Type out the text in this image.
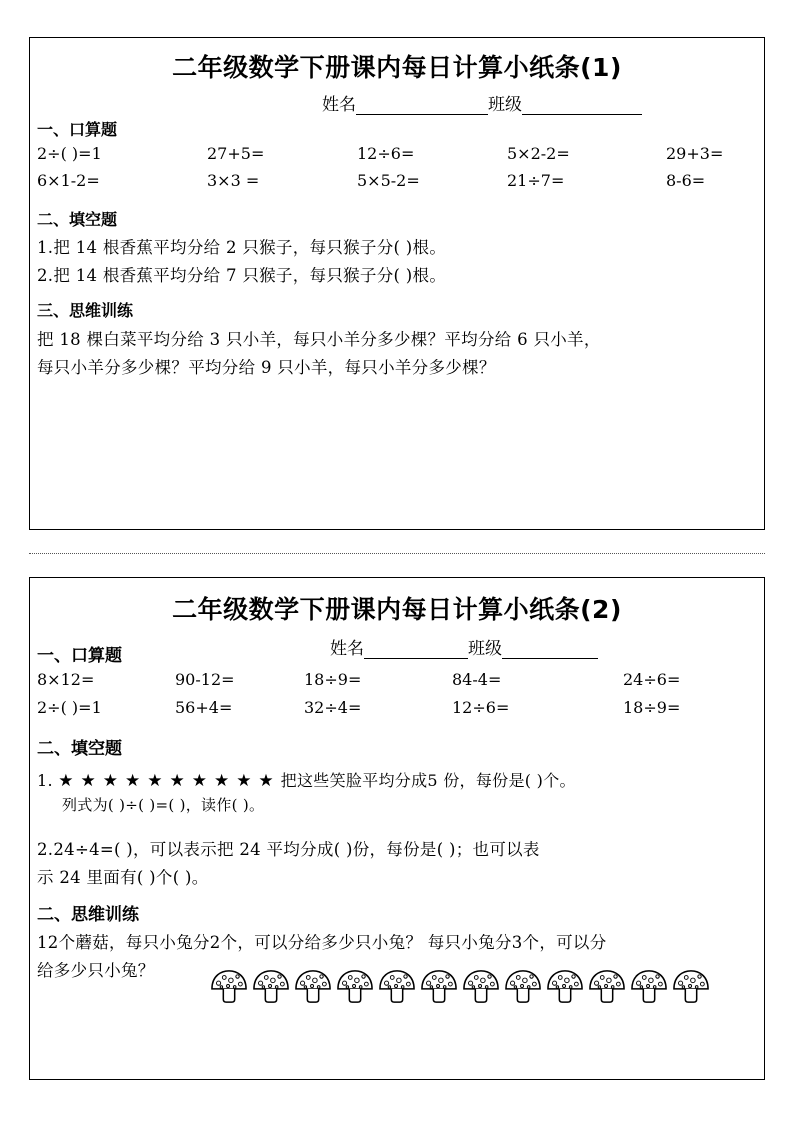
二年级数学下册课内每日计算小纸条(1)
姓名	班级
一、口算题
2÷( )=1	27+5=	12÷6=	5×2-2=	29+3=
6×1-2=	3×3 =	5×5-2=	21÷7=	8-6=
二、填空题
1.把 14 根香蕉平均分给 2 只猴子，每只猴子分( )根。
2.把 14 根香蕉平均分给 7 只猴子，每只猴子分( )根。
三、思维训练
把 18 棵白菜平均分给 3 只小羊，每只小羊分多少棵？平均分给 6 只小羊，
每只小羊分多少棵？平均分给 9 只小羊，每只小羊分多少棵？
二年级数学下册课内每日计算小纸条(2)
姓名	班级
一、口算题
8×12=	90-12=	18÷9=	84-4=	24÷6=
2÷( )=1	56+4=	32÷4=	12÷6=	18÷9=
二、填空题
1. ★★★★★★★★★★把这些笑脸平均分成5 份，每份是( )个。
列式为( )÷( )=( )，读作( )。
2.24÷4=( )，可以表示把 24 平均分成( )份，每份是( )；也可以表
示 24 里面有( )个( )。
二、思维训练
12个蘑菇，每只小兔分2个，可以分给多少只小兔？ 每只小兔分3个，可以分
给多少只小兔？
